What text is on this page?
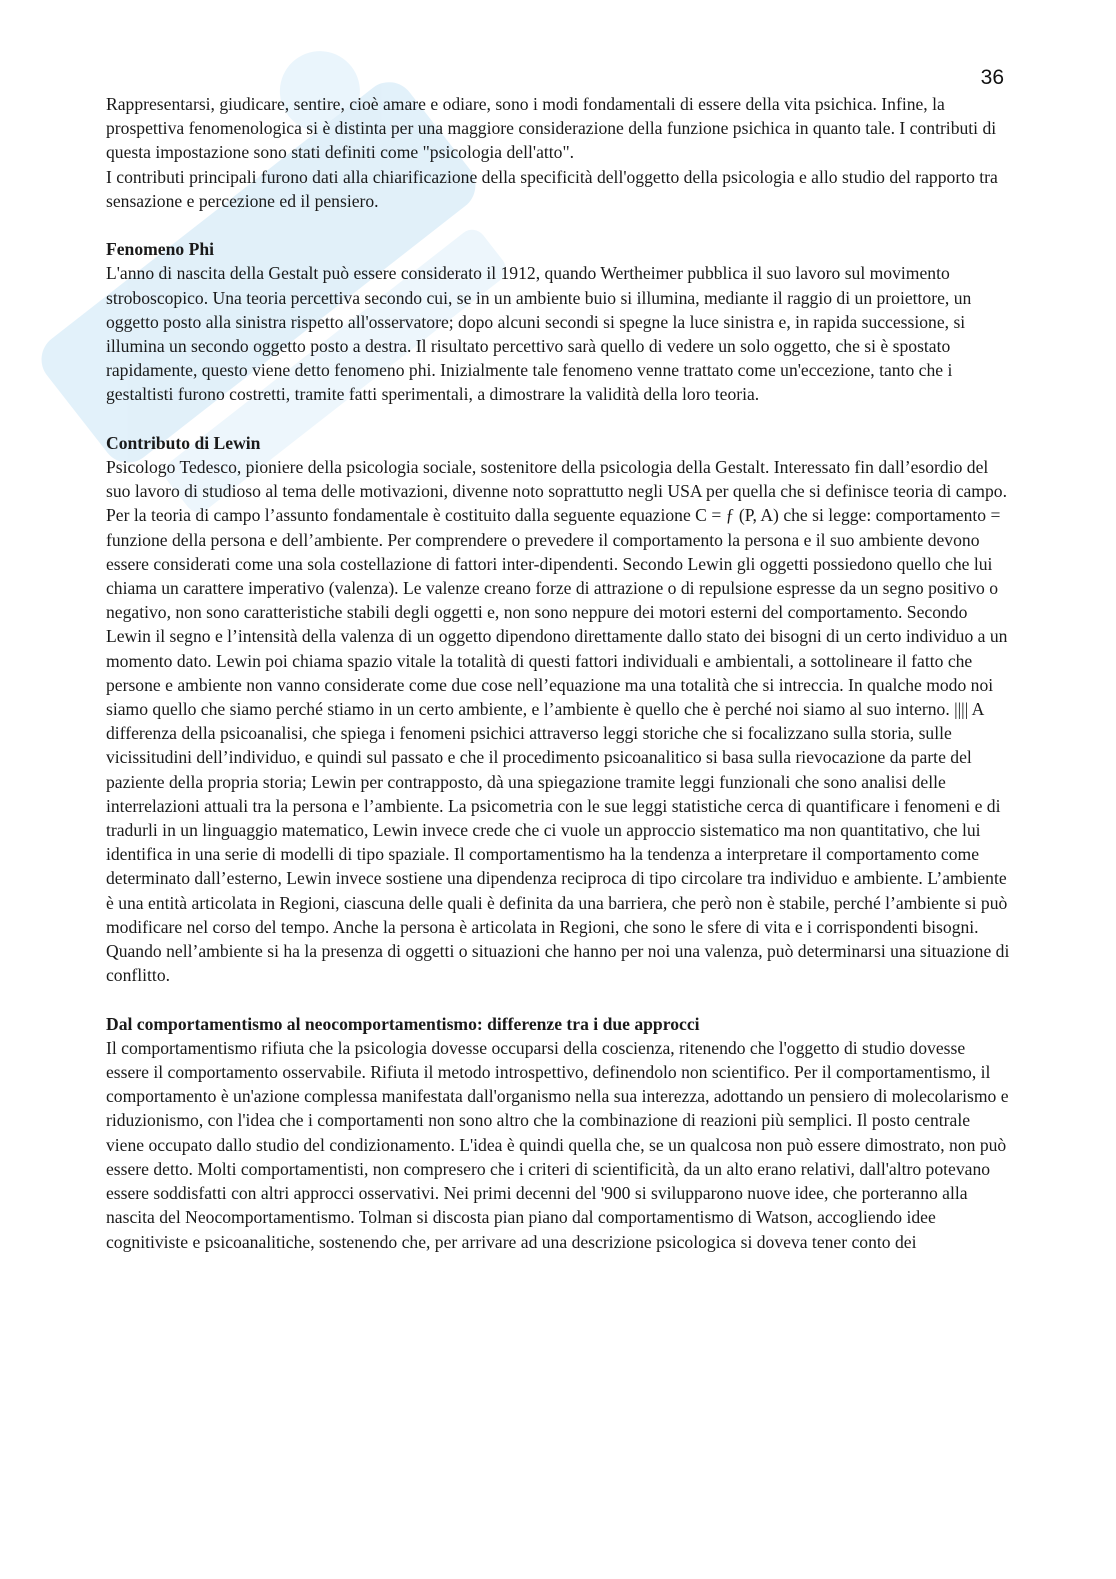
36

Rappresentarsi, giudicare, sentire, cioè amare e odiare, sono i modi fondamentali di essere della vita psichica. Infine, la prospettiva fenomenologica si è distinta per una maggiore considerazione della funzione psichica in quanto tale. I contributi di questa impostazione sono stati definiti come "psicologia dell'atto".

I contributi principali furono dati alla chiarificazione della specificità dell'oggetto della psicologia e allo studio del rapporto tra sensazione e percezione ed il pensiero.

Fenomeno Phi

L'anno di nascita della Gestalt può essere considerato il 1912, quando Wertheimer pubblica il suo lavoro sul movimento stroboscopico. Una teoria percettiva secondo cui, se in un ambiente buio si illumina, mediante il raggio di un proiettore, un oggetto posto alla sinistra rispetto all'osservatore; dopo alcuni secondi si spegne la luce sinistra e, in rapida successione, si illumina un secondo oggetto posto a destra. Il risultato percettivo sarà quello di vedere un solo oggetto, che si è spostato rapidamente, questo viene detto fenomeno phi. Inizialmente tale fenomeno venne trattato come un'eccezione, tanto che i gestaltisti furono costretti, tramite fatti sperimentali, a dimostrare la validità della loro teoria.

Contributo di Lewin

Psicologo Tedesco, pioniere della psicologia sociale, sostenitore della psicologia della Gestalt. Interessato fin dall’esordio del suo lavoro di studioso al tema delle motivazioni, divenne noto soprattutto negli USA per quella che si definisce teoria di campo. Per la teoria di campo l’assunto fondamentale è costituito dalla seguente equazione C = ƒ (P, A) che si legge: comportamento = funzione della persona e dell’ambiente. Per comprendere o prevedere il comportamento la persona e il suo ambiente devono essere considerati come una sola costellazione di fattori inter-dipendenti. Secondo Lewin gli oggetti possiedono quello che lui chiama un carattere imperativo (valenza). Le valenze creano forze di attrazione o di repulsione espresse da un segno positivo o negativo, non sono caratteristiche stabili degli oggetti e, non sono neppure dei motori esterni del comportamento. Secondo Lewin il segno e l’intensità della valenza di un oggetto dipendono direttamente dallo stato dei bisogni di un certo individuo a un momento dato. Lewin poi chiama spazio vitale la totalità di questi fattori individuali e ambientali, a sottolineare il fatto che persone e ambiente non vanno considerate come due cose nell’equazione ma una totalità che si intreccia. In qualche modo noi siamo quello che siamo perché stiamo in un certo ambiente, e l’ambiente è quello che è perché noi siamo al suo interno. |||| A differenza della psicoanalisi, che spiega i fenomeni psichici attraverso leggi storiche che si focalizzano sulla storia, sulle vicissitudini dell’individuo, e quindi sul passato e che il procedimento psicoanalitico si basa sulla rievocazione da parte del paziente della propria storia; Lewin per contrapposto, dà una spiegazione tramite leggi funzionali che sono analisi delle interrelazioni attuali tra la persona e l’ambiente. La psicometria con le sue leggi statistiche cerca di quantificare i fenomeni e di tradurli in un linguaggio matematico, Lewin invece crede che ci vuole un approccio sistematico ma non quantitativo, che lui identifica in una serie di modelli di tipo spaziale. Il comportamentismo ha la tendenza a interpretare il comportamento come determinato dall’esterno, Lewin invece sostiene una dipendenza reciproca di tipo circolare tra individuo e ambiente. L’ambiente è una entità articolata in Regioni, ciascuna delle quali è definita da una barriera, che però non è stabile, perché l’ambiente si può modificare nel corso del tempo. Anche la persona è articolata in Regioni, che sono le sfere di vita e i corrispondenti bisogni. Quando nell’ambiente si ha la presenza di oggetti o situazioni che hanno per noi una valenza, può determinarsi una situazione di conflitto.

Dal comportamentismo al neocomportamentismo: differenze tra i due approcci

Il comportamentismo rifiuta che la psicologia dovesse occuparsi della coscienza, ritenendo che l'oggetto di studio dovesse essere il comportamento osservabile. Rifiuta il metodo introspettivo, definendolo non scientifico. Per il comportamentismo, il comportamento è un'azione complessa manifestata dall'organismo nella sua interezza, adottando un pensiero di molecolarismo e riduzionismo, con l'idea che i comportamenti non sono altro che la combinazione di reazioni più semplici. Il posto centrale viene occupato dallo studio del condizionamento. L'idea è quindi quella che, se un qualcosa non può essere dimostrato, non può essere detto. Molti comportamentisti, non compresero che i criteri di scientificità, da un alto erano relativi, dall'altro potevano essere soddisfatti con altri approcci osservativi. Nei primi decenni del '900 si svilupparono nuove idee, che porteranno alla nascita del Neocomportamentismo. Tolman si discosta pian piano dal comportamentismo di Watson, accogliendo idee cognitiviste e psicoanalitiche, sostenendo che, per arrivare ad una descrizione psicologica si doveva tener conto dei
